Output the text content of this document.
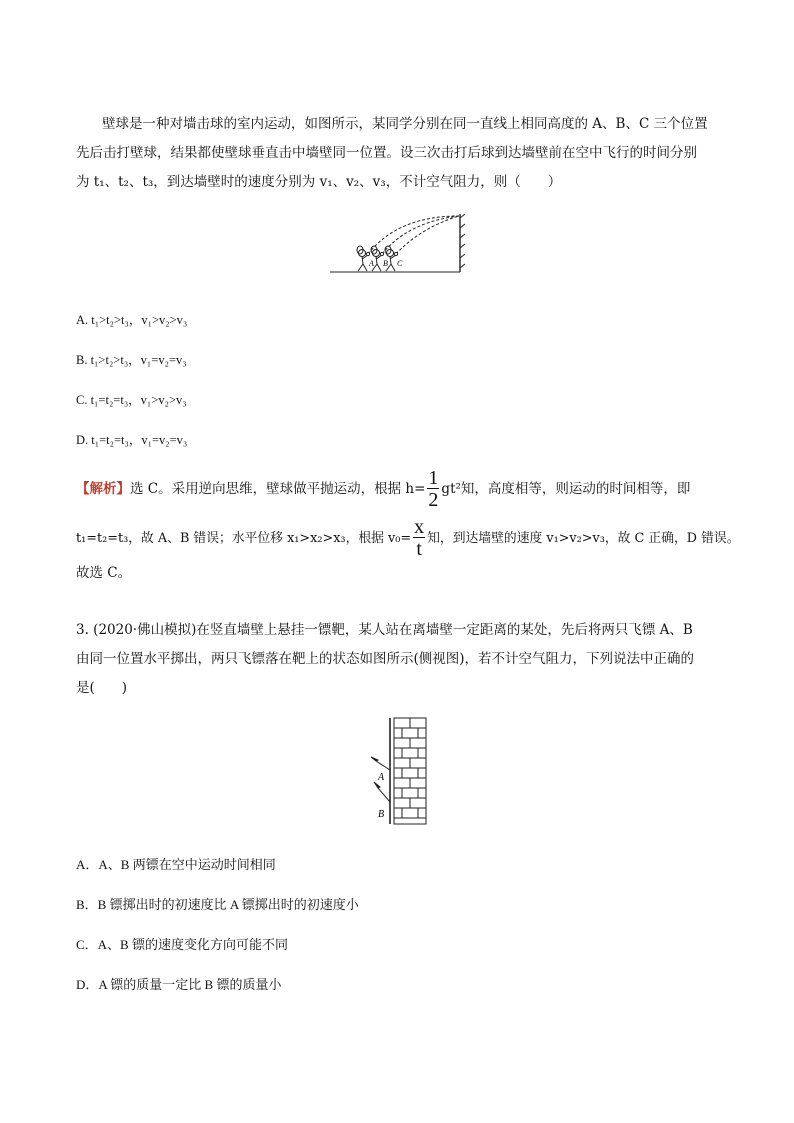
壁球是一种对墙击球的室内运动，如图所示，某同学分别在同一直线上相同高度的 A、B、C 三个位置
先后击打壁球，结果都使壁球垂直击中墙壁同一位置。设三次击打后球到达墙壁前在空中飞行的时间分别
为 t₁、t₂、t₃，到达墙壁时的速度分别为 v₁、v₂、v₃，不计空气阻力，则（　　）
A B C
A. t₁>t₂>t₃，v₁>v₂>v₃
B. t₁>t₂>t₃，v₁=v₂=v₃
C. t₁=t₂=t₃，v₁>v₂>v₃
D. t₁=t₂=t₃，v₁=v₂=v₃
【解析】选 C。采用逆向思维，壁球做平抛运动，根据 $h= \frac{1}{2} gt^2$知，高度相等，则运动的时间相等，即
t₁=t₂=t₃，故 A、B 错误；水平位移 x₁>x₂>x₃，根据 $v_0= \frac{x}{t}$ 知，到达墙壁的速度 v₁>v₂>v₃，故 C 正确，D 错误。
故选 C。
3. (2020·佛山模拟)在竖直墙壁上悬挂一镖靶，某人站在离墙壁一定距离的某处，先后将两只飞镖 A、B
由同一位置水平掷出，两只飞镖落在靶上的状态如图所示(侧视图)，若不计空气阻力，下列说法中正确的
是(　　)
A
B
A．A、B 两镖在空中运动时间相同
B．B 镖掷出时的初速度比 A 镖掷出时的初速度小
C．A、B 镖的速度变化方向可能不同
D．A 镖的质量一定比 B 镖的质量小
